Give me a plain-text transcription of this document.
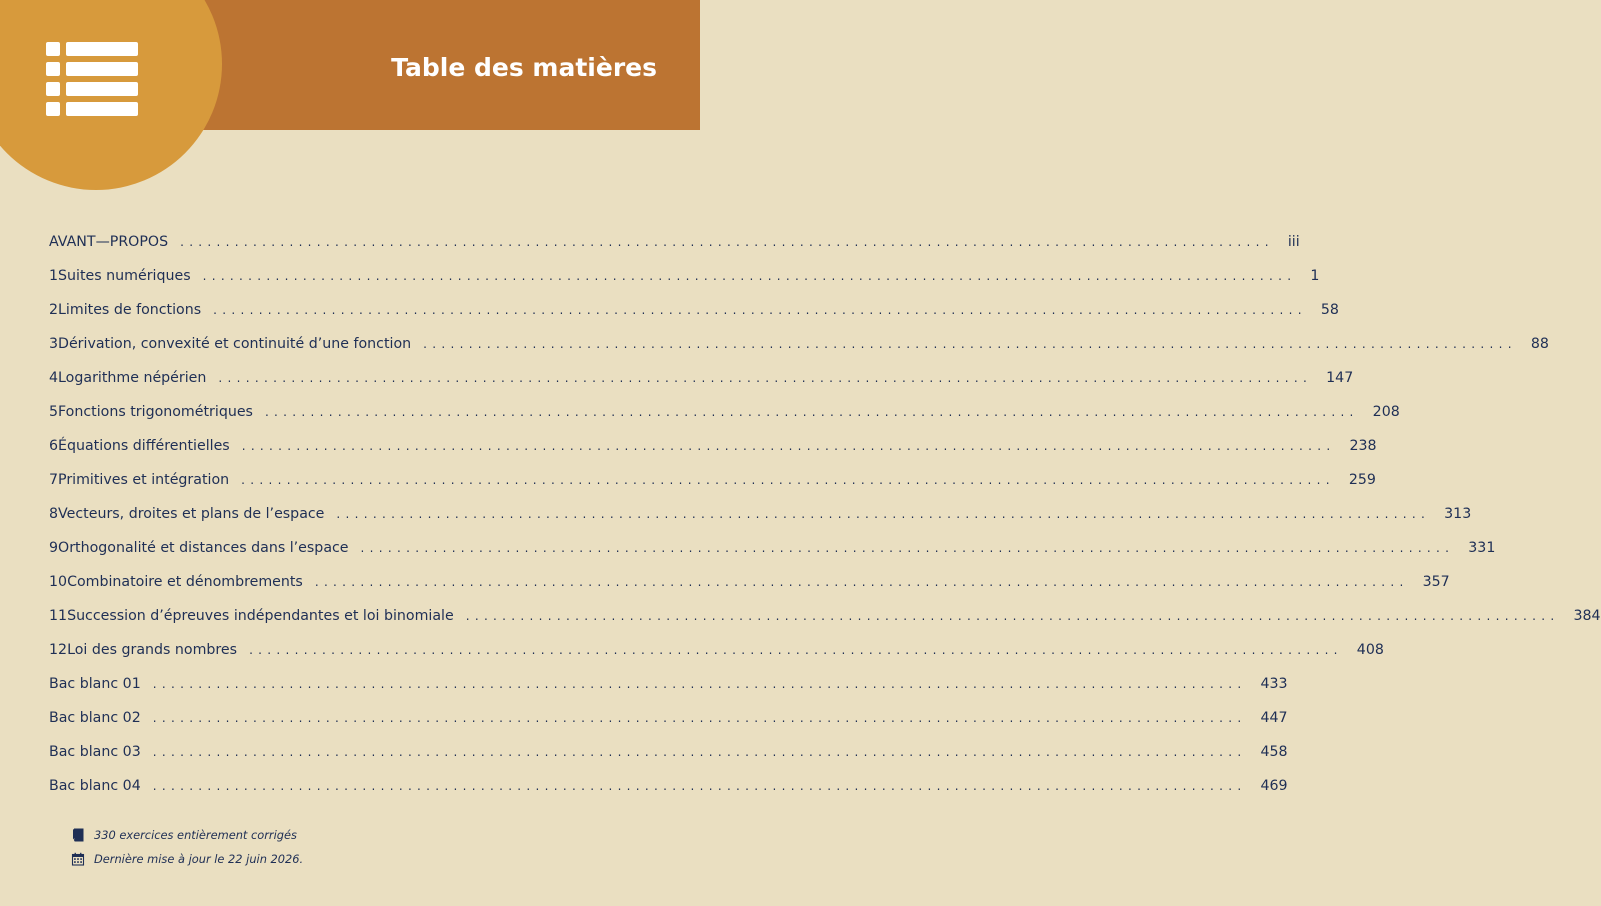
Table des matières
AVANT—PROPOS ........................................................................................................................ iii
1 Suites numériques ........................................................................................................................ 1
2 Limites de fonctions ........................................................................................................................ 58
3 Dérivation, convexité et continuité d’une fonction ........................................................................................................................ 88
4 Logarithme népérien ........................................................................................................................ 147
5 Fonctions trigonométriques ........................................................................................................................ 208
6 Équations différentielles ........................................................................................................................ 238
7 Primitives et intégration ........................................................................................................................ 259
8 Vecteurs, droites et plans de l’espace ........................................................................................................................ 313
9 Orthogonalité et distances dans l’espace ........................................................................................................................ 331
10 Combinatoire et dénombrements ........................................................................................................................ 357
11 Succession d’épreuves indépendantes et loi binomiale ........................................................................................................................ 384
12 Loi des grands nombres ........................................................................................................................ 408
Bac blanc 01 ........................................................................................................................ 433
Bac blanc 02 ........................................................................................................................ 447
Bac blanc 03 ........................................................................................................................ 458
Bac blanc 04 ........................................................................................................................ 469
330 exercices entièrement corrigés
Dernière mise à jour le 22 juin 2026.
